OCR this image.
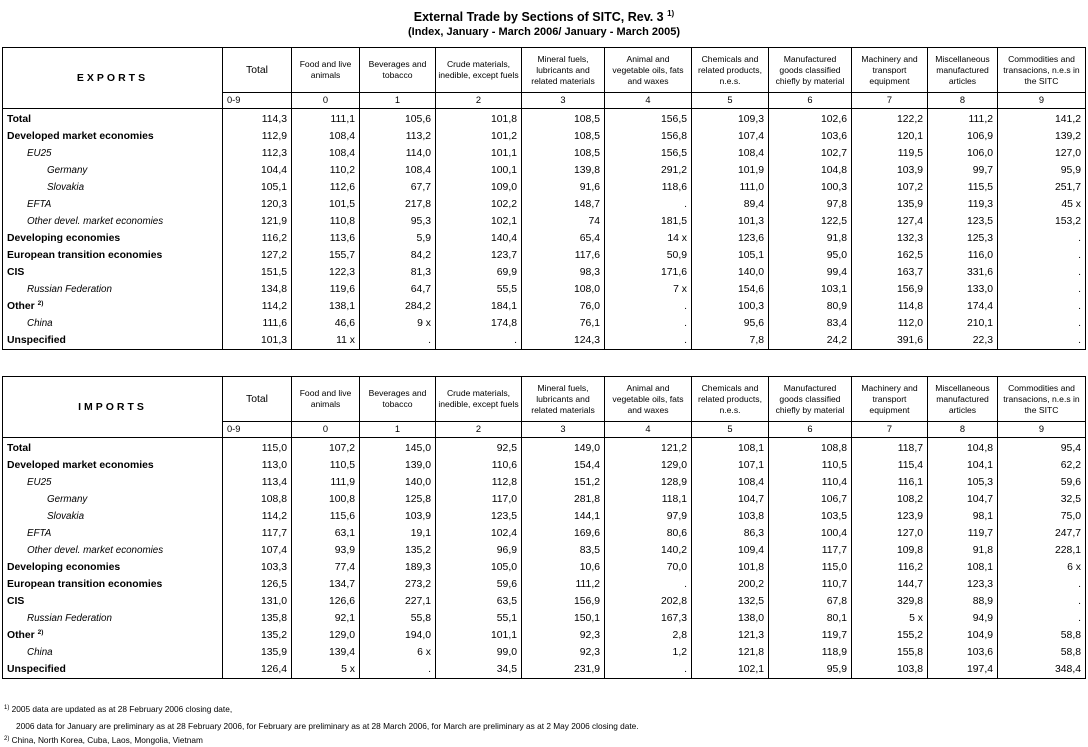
External Trade by Sections of SITC, Rev. 3 $^{1)}$
(Index, January - March 2006/ January - March 2005)
EXPORTS	Total	Food and live animals	Beverages and tobacco	Crude materials, inedible, except fuels	Mineral fuels, lubricants and related materials	Animal and vegetable oils, fats and waxes	Chemicals and related products, n.e.s.	Manufactured goods classified chiefly by material	Machinery and transport equipment	Miscellaneous manufactured articles	Commodities and transacions, n.e.s in the SITC
	0-9	0	1	2	3	4	5	6	7	8	9
Total	114,3	111,1	105,6	101,8	108,5	156,5	109,3	102,6	122,2	111,2	141,2
Developed market economies	112,9	108,4	113,2	101,2	108,5	156,8	107,4	103,6	120,1	106,9	139,2
EU25	112,3	108,4	114,0	101,1	108,5	156,5	108,4	102,7	119,5	106,0	127,0
Germany	104,4	110,2	108,4	100,1	139,8	291,2	101,9	104,8	103,9	99,7	95,9
Slovakia	105,1	112,6	67,7	109,0	91,6	118,6	111,0	100,3	107,2	115,5	251,7
EFTA	120,3	101,5	217,8	102,2	148,7	.	89,4	97,8	135,9	119,3	45 x
Other devel. market economies	121,9	110,8	95,3	102,1	74	181,5	101,3	122,5	127,4	123,5	153,2
Developing economies	116,2	113,6	5,9	140,4	65,4	14 x	123,6	91,8	132,3	125,3	.
European transition economies	127,2	155,7	84,2	123,7	117,6	50,9	105,1	95,0	162,5	116,0	.
CIS	151,5	122,3	81,3	69,9	98,3	171,6	140,0	99,4	163,7	331,6	.
Russian Federation	134,8	119,6	64,7	55,5	108,0	7 x	154,6	103,1	156,9	133,0	.
Other $^{2)}$	114,2	138,1	284,2	184,1	76,0	.	100,3	80,9	114,8	174,4	.
China	111,6	46,6	9 x	174,8	76,1	.	95,6	83,4	112,0	210,1	.
Unspecified	101,3	11 x	.	.	124,3	.	7,8	24,2	391,6	22,3	.
IMPORTS	Total	Food and live animals	Beverages and tobacco	Crude materials, inedible, except fuels	Mineral fuels, lubricants and related materials	Animal and vegetable oils, fats and waxes	Chemicals and related products, n.e.s.	Manufactured goods classified chiefly by material	Machinery and transport equipment	Miscellaneous manufactured articles	Commodities and transacions, n.e.s in the SITC
	0-9	0	1	2	3	4	5	6	7	8	9
Total	115,0	107,2	145,0	92,5	149,0	121,2	108,1	108,8	118,7	104,8	95,4
Developed market economies	113,0	110,5	139,0	110,6	154,4	129,0	107,1	110,5	115,4	104,1	62,2
EU25	113,4	111,9	140,0	112,8	151,2	128,9	108,4	110,4	116,1	105,3	59,6
Germany	108,8	100,8	125,8	117,0	281,8	118,1	104,7	106,7	108,2	104,7	32,5
Slovakia	114,2	115,6	103,9	123,5	144,1	97,9	103,8	103,5	123,9	98,1	75,0
EFTA	117,7	63,1	19,1	102,4	169,6	80,6	86,3	100,4	127,0	119,7	247,7
Other devel. market economies	107,4	93,9	135,2	96,9	83,5	140,2	109,4	117,7	109,8	91,8	228,1
Developing economies	103,3	77,4	189,3	105,0	10,6	70,0	101,8	115,0	116,2	108,1	6 x
European transition economies	126,5	134,7	273,2	59,6	111,2	.	200,2	110,7	144,7	123,3	.
CIS	131,0	126,6	227,1	63,5	156,9	202,8	132,5	67,8	329,8	88,9	.
Russian Federation	135,8	92,1	55,8	55,1	150,1	167,3	138,0	80,1	5 x	94,9	.
Other $^{2)}$	135,2	129,0	194,0	101,1	92,3	2,8	121,3	119,7	155,2	104,9	58,8
China	135,9	139,4	6 x	99,0	92,3	1,2	121,8	118,9	155,8	103,6	58,8
Unspecified	126,4	5 x	.	34,5	231,9	.	102,1	95,9	103,8	197,4	348,4
$^{1)}$ 2005 data are updated as at 28 February 2006 closing date,
2006 data for January are preliminary as at 28 February 2006, for February are preliminary as at 28 March 2006, for March are preliminary as at 2 May 2006 closing date.
$^{2)}$ China, North Korea, Cuba, Laos, Mongolia, Vietnam
